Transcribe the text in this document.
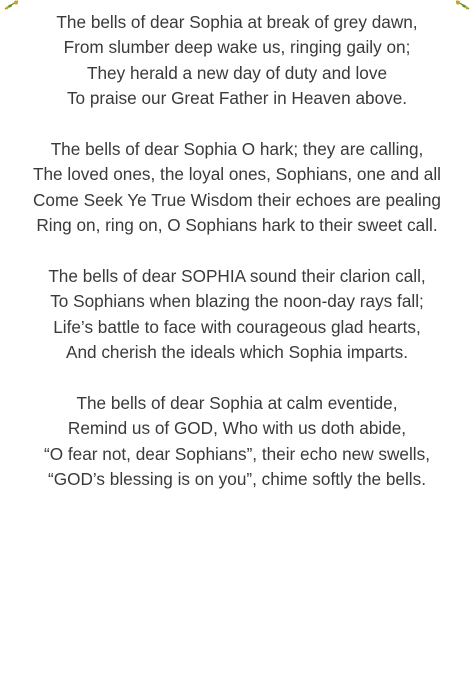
The bells of dear Sophia at break of grey dawn,
From slumber deep wake us, ringing gaily on;
They herald a new day of duty and love
To praise our Great Father in Heaven above.

The bells of dear Sophia O hark; they are calling,
The loved ones, the loyal ones, Sophians, one and all
Come Seek Ye True Wisdom their echoes are pealing
Ring on, ring on, O Sophians hark to their sweet call.

The bells of dear SOPHIA sound their clarion call,
To Sophians when blazing the noon-day rays fall;
Life’s battle to face with courageous glad hearts,
And cherish the ideals which Sophia imparts.

The bells of dear Sophia at calm eventide,
Remind us of GOD, Who with us doth abide,
“O fear not, dear Sophians”, their echo new swells,
“GOD’s blessing is on you”, chime softly the bells.
